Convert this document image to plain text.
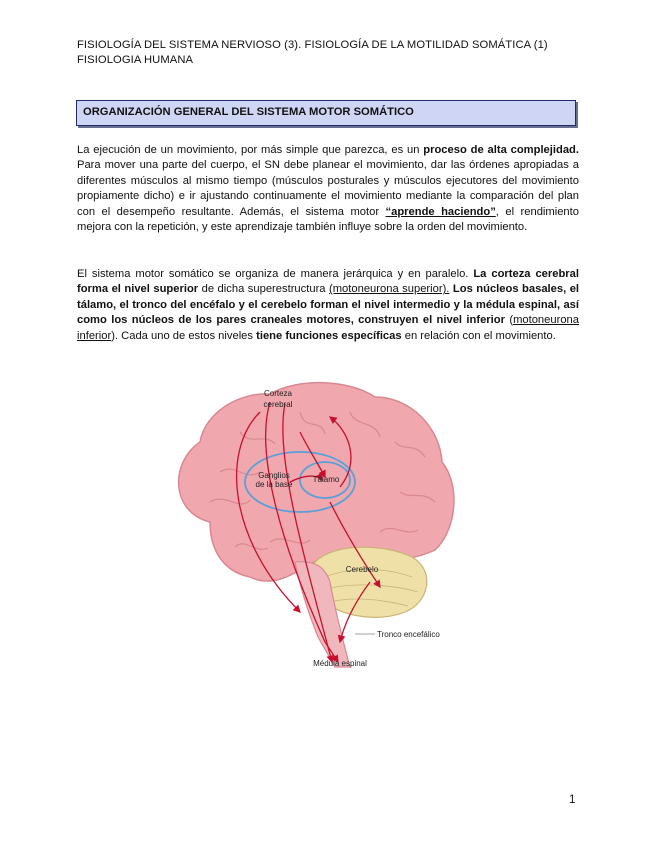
FISIOLOGÍA DEL SISTEMA NERVIOSO (3). FISIOLOGÍA DE LA MOTILIDAD SOMÁTICA (1)
FISIOLOGIA HUMANA
ORGANIZACIÓN GENERAL DEL SISTEMA MOTOR SOMÁTICO
La ejecución de un movimiento, por más simple que parezca, es un proceso de alta complejidad. Para mover una parte del cuerpo, el SN debe planear el movimiento, dar las órdenes apropiadas a diferentes músculos al mismo tiempo (músculos posturales y músculos ejecutores del movimiento propiamente dicho) e ir ajustando continuamente el movimiento mediante la comparación del plan con el desempeño resultante. Además, el sistema motor “aprende haciendo”, el rendimiento mejora con la repetición, y este aprendizaje también influye sobre la orden del movimiento.
El sistema motor somático se organiza de manera jerárquica y en paralelo. La corteza cerebral forma el nivel superior de dicha superestructura (motoneurona superior). Los núcleos basales, el tálamo, el tronco del encéfalo y el cerebelo forman el nivel intermedio y la médula espinal, así como los núcleos de los pares craneales motores, construyen el nivel inferior (motoneurona inferior). Cada uno de estos niveles tiene funciones específicas en relación con el movimiento.
Corteza
cerebral
Ganglios
de la base
Tálamo
Cerebelo
Tronco encefálico
Médula espinal
1
